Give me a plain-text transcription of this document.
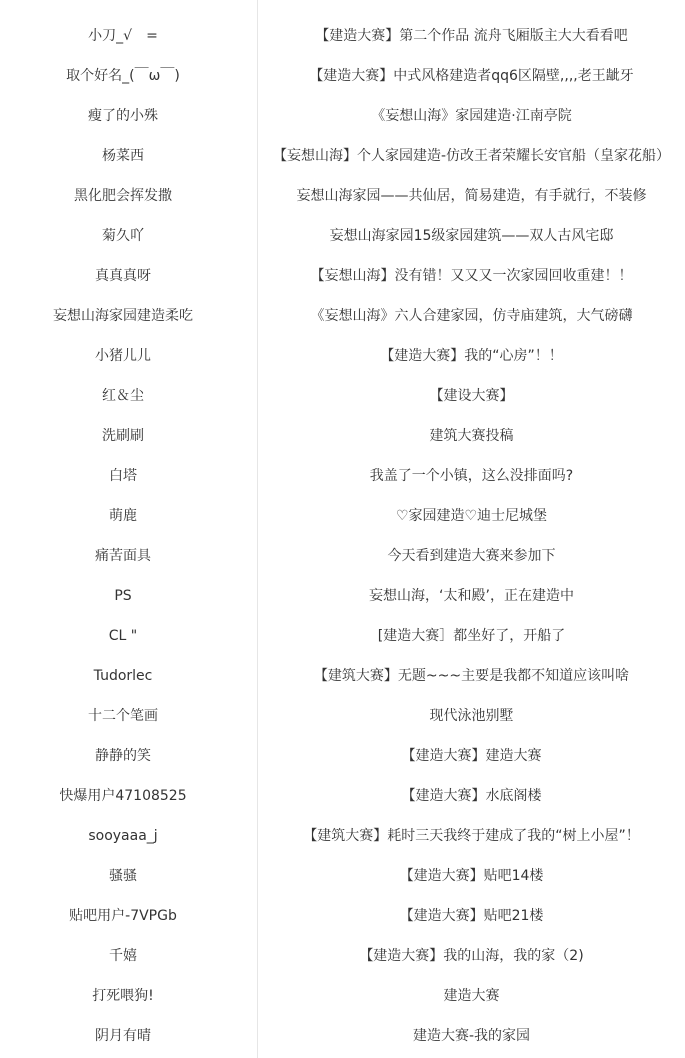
小刀_√　=	【建造大赛】第二个作品 流舟飞厢版主大大看看吧
取个好名_(￣ω￣)	【建造大赛】中式风格建造者qq6区隔壁,,,,老王龇牙
瘦了的小殊	《妄想山海》家园建造·江南亭院
杨菜西	【妄想山海】个人家园建造-仿改王者荣耀长安官船（皇家花船）
黑化肥会挥发撒	妄想山海家园——共仙居，简易建造，有手就行，不装修
菊久吖	妄想山海家园15级家园建筑——双人古风宅邸
真真真呀	【妄想山海】没有错！又又又一次家园回收重建！！
妄想山海家园建造柔吃	《妄想山海》六人合建家园，仿寺庙建筑，大气磅礴
小猪儿儿	【建造大赛】我的“心房”！！
红＆尘	【建设大赛】
洗刷刷	建筑大赛投稿
白塔	我盖了一个小镇，这么没排面吗?
萌鹿	♡家园建造♡迪士尼城堡
痛苦面具	今天看到建造大赛来参加下
PS	妄想山海，‘太和殿’，正在建造中
CL "	[建造大赛］都坐好了，开船了
Tudorlec	【建筑大赛】无题~~~主要是我都不知道应该叫啥
十二个笔画	现代泳池别墅
静静的笑	【建造大赛】建造大赛
快爆用户47108525	【建造大赛】水底阁楼
sooyaaa_j	【建筑大赛】耗时三天我终于建成了我的“树上小屋”！
骚骚	【建造大赛】贴吧14楼
贴吧用户-7VPGb	【建造大赛】贴吧21楼
千嬉	【建造大赛】我的山海，我的家（2)
打死喂狗!	建造大赛
阴月有晴	建造大赛-我的家园
